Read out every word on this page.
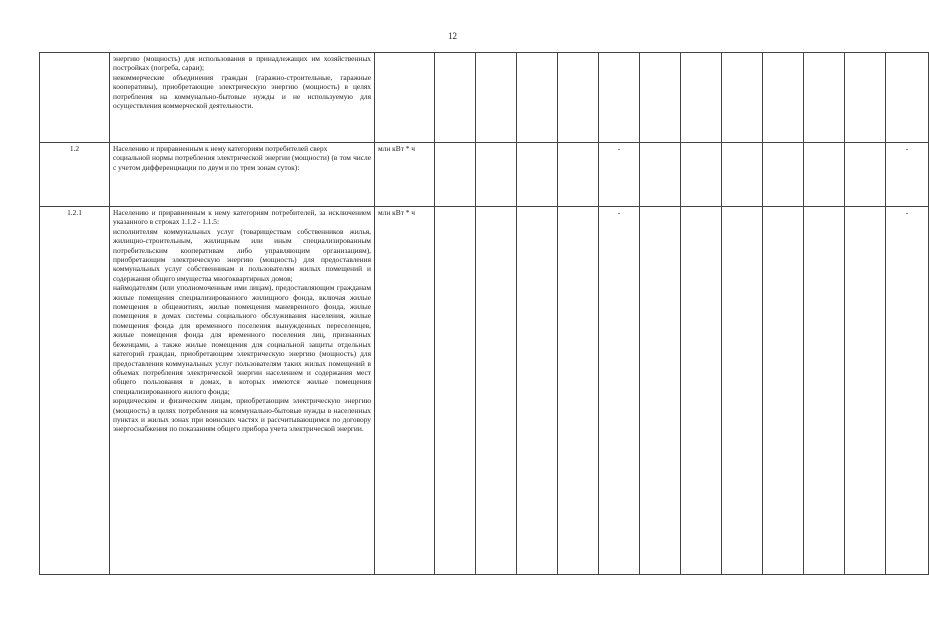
12

	энергию (мощность) для использования в принадлежащих им хозяйственных постройках (погреба, сараи);
некоммерческие объединения граждан (гаражно-строительные, гаражные кооперативы), приобретающие электрическую энергию (мощность) в целях потребления на коммунально-бытовые нужды и не используемую для осуществления коммерческой деятельности.													

1.2	Населению и приравненным к нему категориям потребителей сверх
социальной нормы потребления электрической энергии (мощности) (в том числе с учетом дифференциации по двум и по трем зонам суток):	млн кВт * ч					-							-
1.2.1	Населению и приравненным к нему категориям потребителей, за исключением указанного в строках 1.1.2 - 1.1.5:
исполнителям коммунальных услуг (товариществам собственников жилья, жилищно-строительным, жилищным или иным специализированным потребительским кооперативам либо управляющим организациям), приобретающим электрическую энергию (мощность) для предоставления коммунальных услуг собственникам и пользователям жилых помещений и содержания общего имущества многоквартирных домов;
наймодателям (или уполномоченным ими лицам), предоставляющим гражданам жилые помещения специализированного жилищного фонда, включая жилые помещения в общежитиях, жилые помещения маневренного фонда, жилые помещения в домах системы социального обслуживания населения, жилые помещения фонда для временного поселения вынужденных переселенцев, жилые помещения фонда для временного поселения лиц, признанных беженцами, а также жилые помещения для социальной защиты отдельных категорий граждан, приобретающим электрическую энергию (мощность) для предоставления коммунальных услуг пользователям таких жилых помещений в объемах потребления электрической энергии населением и содержания мест общего пользования в домах, в которых имеются жилые помещения специализированного жилого фонда;
юридическим и физическим лицам, приобретающим электрическую энергию (мощность) в целях потребления на коммунально-бытовые нужды в населенных пунктах и жилых зонах при воинских частях и рассчитывающимся по договору энергоснабжения по показаниям общего прибора учета электрической энергии.	млн кВт * ч					-							-
